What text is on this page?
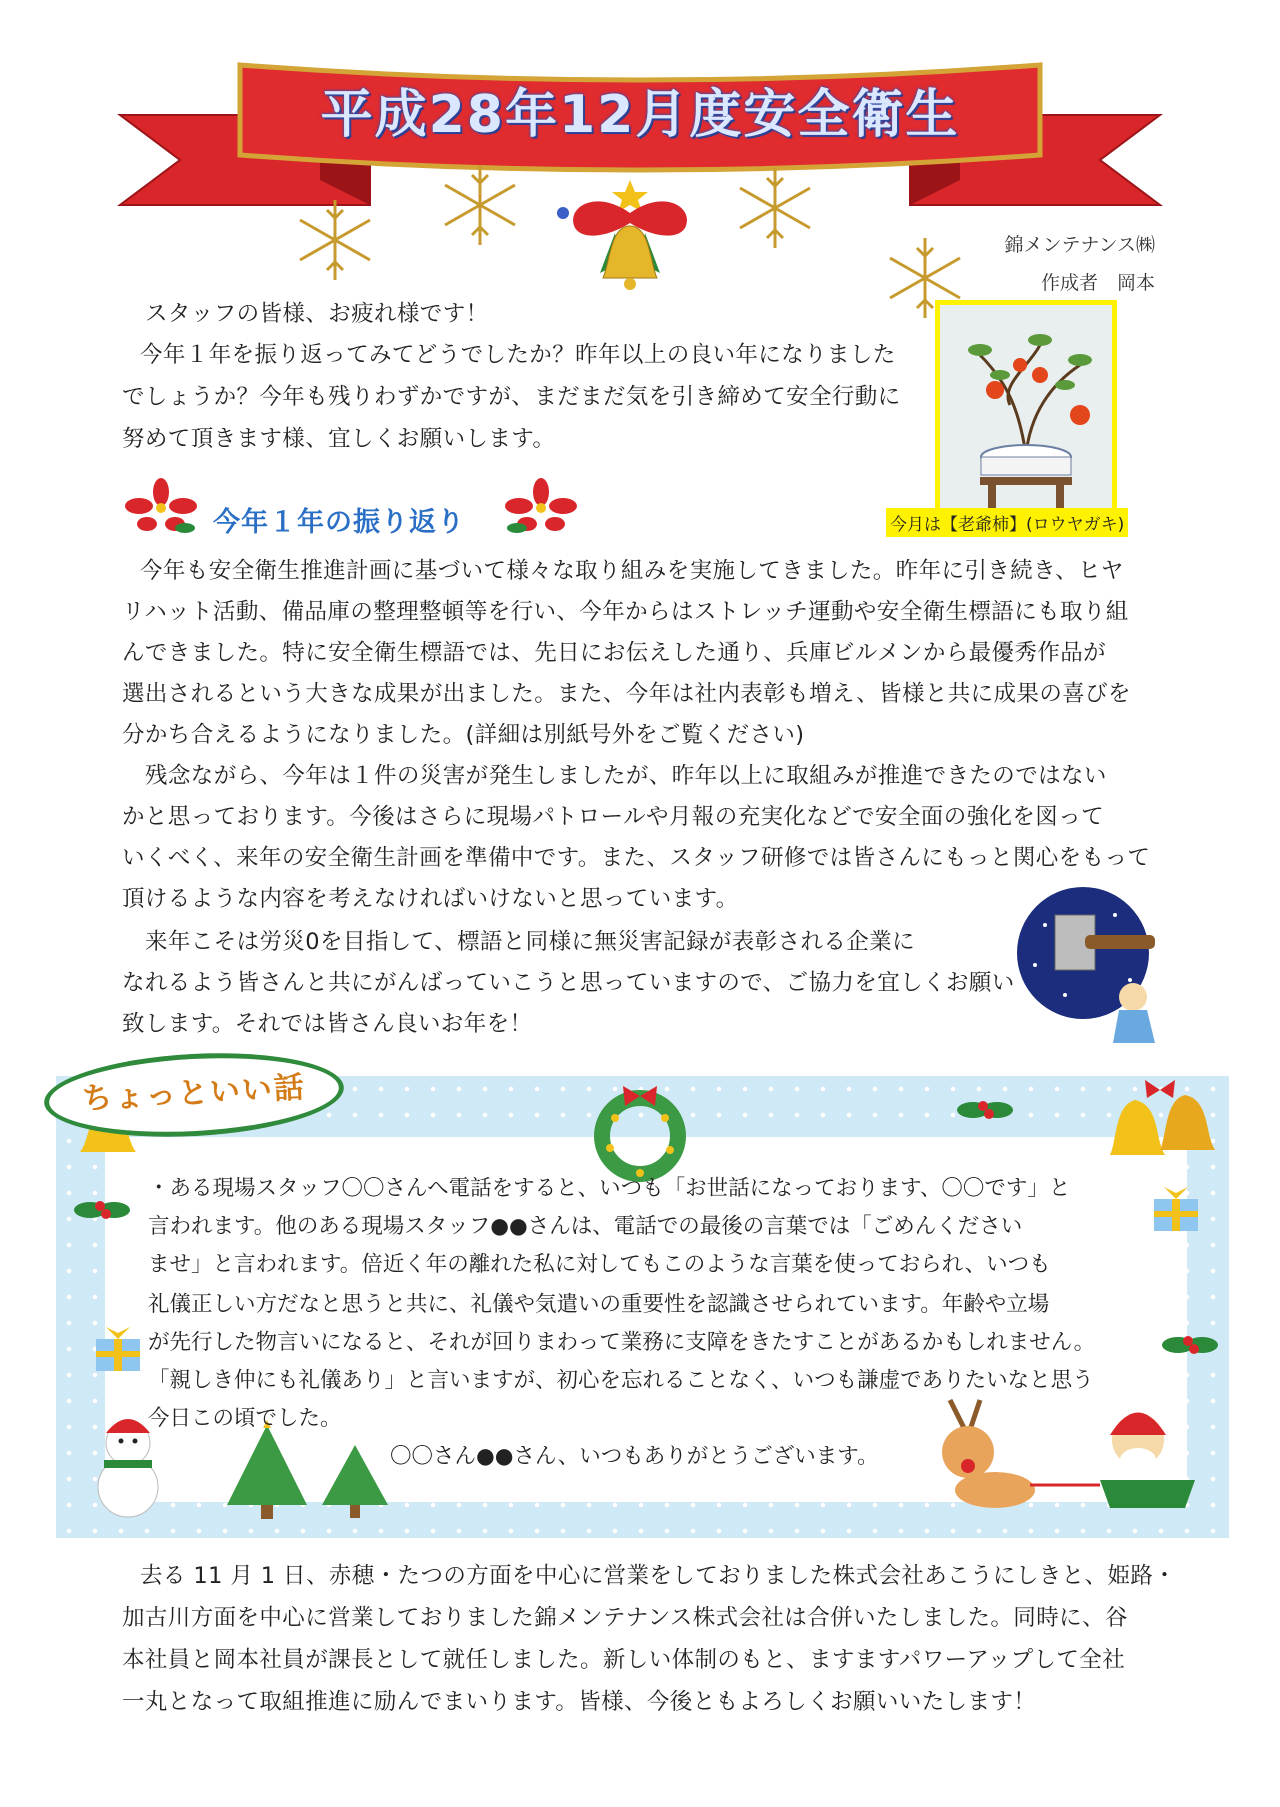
平成28年12月度安全衛生
錦メンテナンス㈱
作成者　岡本

スタッフの皆様、お疲れ様です！

今年１年を振り返ってみてどうでしたか？昨年以上の良い年になりました

でしょうか？今年も残りわずかですが、まだまだ気を引き締めて安全行動に

努めて頂きます様、宜しくお願いします。

今年１年の振り返り	今月は【老爺柿】(ロウヤガキ)

今年も安全衛生推進計画に基づいて様々な取り組みを実施してきました。昨年に引き続き、ヒヤ

リハット活動、備品庫の整理整頓等を行い、今年からはストレッチ運動や安全衛生標語にも取り組

んできました。特に安全衛生標語では、先日にお伝えした通り、兵庫ビルメンから最優秀作品が

選出されるという大きな成果が出ました。また、今年は社内表彰も増え、皆様と共に成果の喜びを

分かち合えるようになりました。(詳細は別紙号外をご覧ください)

残念ながら、今年は１件の災害が発生しましたが、昨年以上に取組みが推進できたのではない

かと思っております。今後はさらに現場パトロールや月報の充実化などで安全面の強化を図って

いくべく、来年の安全衛生計画を準備中です。また、スタッフ研修では皆さんにもっと関心をもって

頂けるような内容を考えなければいけないと思っています。

来年こそは労災0を目指して、標語と同様に無災害記録が表彰される企業に

なれるよう皆さんと共にがんばっていこうと思っていますので、ご協力を宜しくお願い

致します。それでは皆さん良いお年を！

ちょっといい話

・ある現場スタッフ〇〇さんへ電話をすると、いつも「お世話になっております、〇〇です」と

言われます。他のある現場スタッフ●●さんは、電話での最後の言葉では「ごめんください

ませ」と言われます。倍近く年の離れた私に対してもこのような言葉を使っておられ、いつも

礼儀正しい方だなと思うと共に、礼儀や気遣いの重要性を認識させられています。年齢や立場

が先行した物言いになると、それが回りまわって業務に支障をきたすことがあるかもしれません。

「親しき仲にも礼儀あり」と言いますが、初心を忘れることなく、いつも謙虚でありたいなと思う

今日この頃でした。

〇〇さん●●さん、いつもありがとうございます。

去る 11 月 1 日、赤穂・たつの方面を中心に営業をしておりました株式会社あこうにしきと、姫路・

加古川方面を中心に営業しておりました錦メンテナンス株式会社は合併いたしました。同時に、谷

本社員と岡本社員が課長として就任しました。新しい体制のもと、ますますパワーアップして全社

一丸となって取組推進に励んでまいります。皆様、今後ともよろしくお願いいたします！
